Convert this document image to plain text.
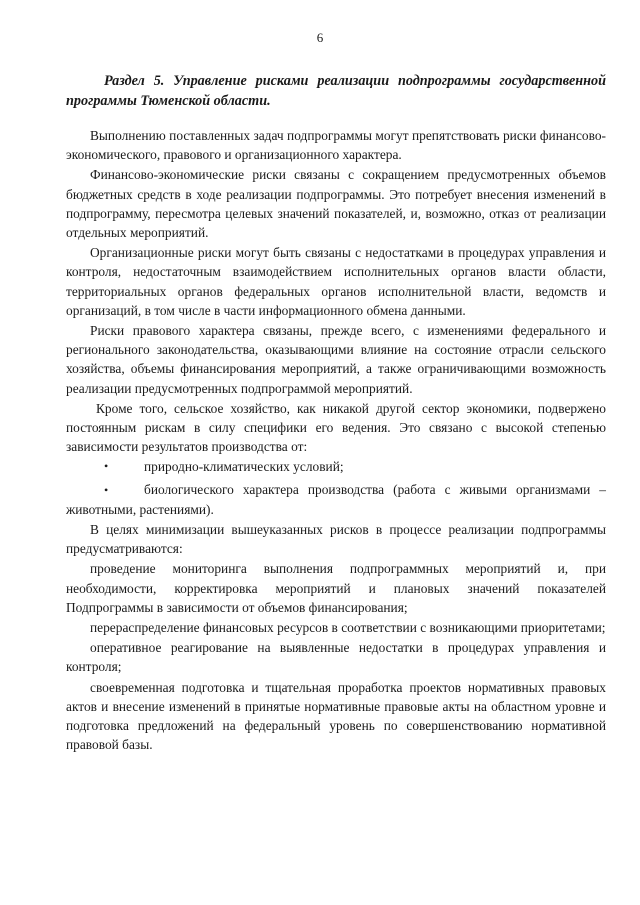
6
Раздел 5. Управление рисками реализации подпрограммы государственной программы Тюменской области.

Выполнению поставленных задач подпрограммы могут препятствовать риски финансово-экономического, правового и организационного характера.

Финансово-экономические риски связаны с сокращением предусмотренных объемов бюджетных средств в ходе реализации подпрограммы. Это потребует внесения изменений в подпрограмму, пересмотра целевых значений показателей, и, возможно, отказ от реализации отдельных мероприятий.

Организационные риски могут быть связаны с недостатками в процедурах управления и контроля, недостаточным взаимодействием исполнительных органов власти области, территориальных органов федеральных органов исполнительной власти, ведомств и организаций, в том числе в части информационного обмена данными.

Риски правового характера связаны, прежде всего, с изменениями федерального и регионального законодательства, оказывающими влияние на состояние отрасли сельского хозяйства, объемы финансирования мероприятий, а также ограничивающими возможность реализации предусмотренных подпрограммой мероприятий.

Кроме того, сельское хозяйство, как никакой другой сектор экономики, подвержено постоянным рискам в силу специфики его ведения. Это связано с высокой степенью зависимости результатов производства от:

•	природно-климатических условий;
•	биологического характера производства (работа с живыми организмами – животными, растениями).

В целях минимизации вышеуказанных рисков в процессе реализации подпрограммы предусматриваются:

проведение мониторинга выполнения подпрограммных мероприятий и, при необходимости, корректировка мероприятий и плановых значений показателей Подпрограммы в зависимости от объемов финансирования;

перераспределение финансовых ресурсов в соответствии с возникающими приоритетами;

оперативное реагирование на выявленные недостатки в процедурах управления и контроля;

своевременная подготовка и тщательная проработка проектов нормативных правовых актов и внесение изменений в принятые нормативные правовые акты на областном уровне и подготовка предложений на федеральный уровень по совершенствованию нормативной правовой базы.
